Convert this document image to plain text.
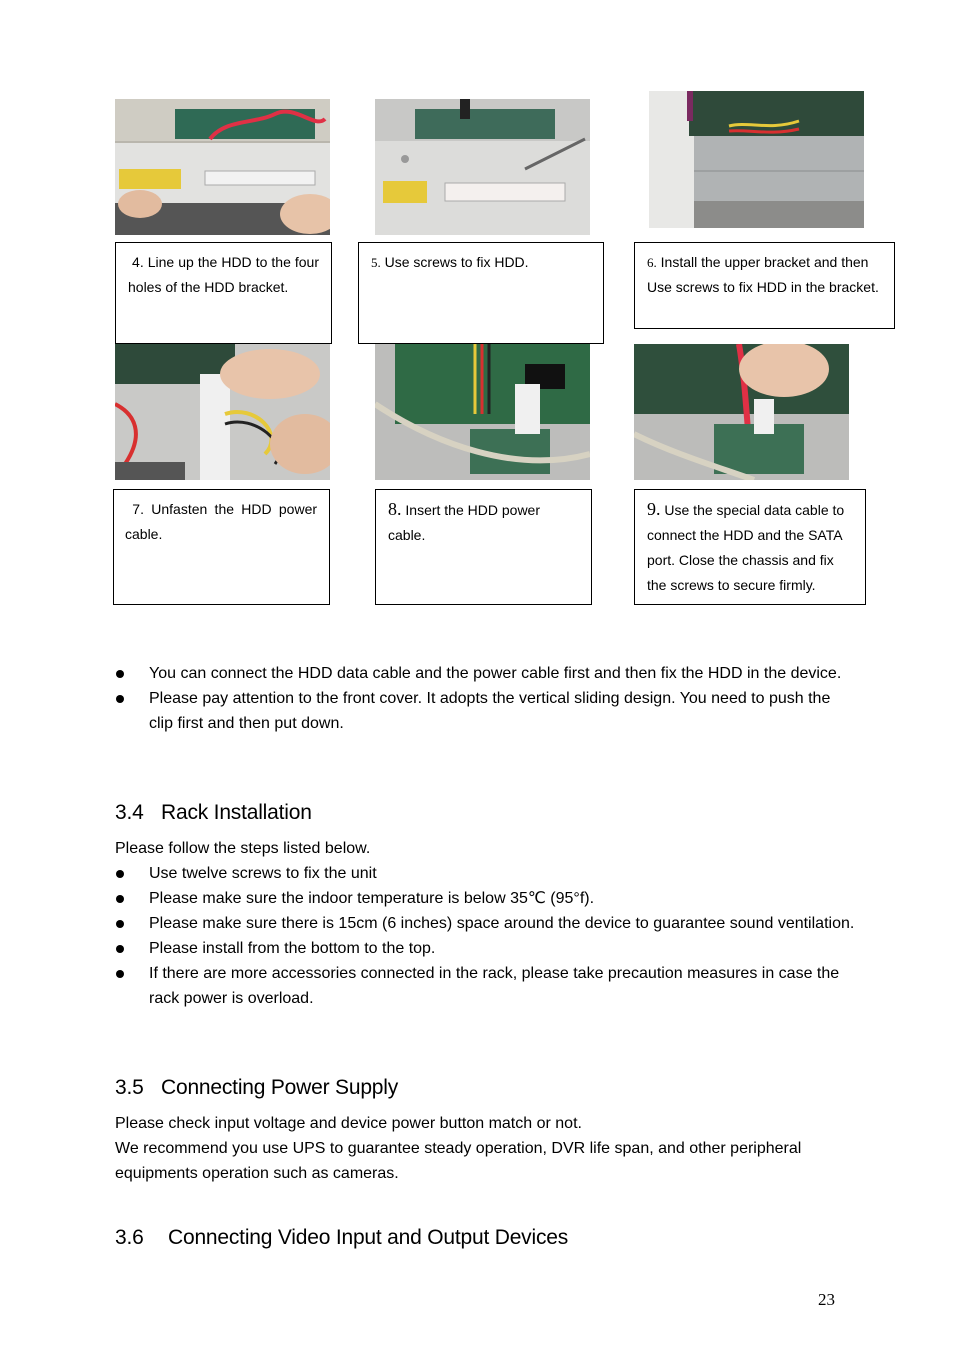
4. Line up the HDD to the four holes of the HDD bracket.
5. Use screws to fix HDD.	6. Install the upper bracket and then Use screws to fix HDD in the bracket.
7. Unfasten the HDD power cable.
8. Insert the HDD power cable.
9. Use the special data cable to connect the HDD and the SATA port. Close the chassis and fix the screws to secure firmly.
You can connect the HDD data cable and the power cable first and then fix the HDD in the device.
Please pay attention to the front cover. It adopts the vertical sliding design. You need to push the clip first and then put down.
3.4 Rack Installation

Please follow the steps listed below.

Use twelve screws to fix the unit
Please make sure the indoor temperature is below 35℃ (95°f).
Please make sure there is 15cm (6 inches) space around the device to guarantee sound ventilation.
Please install from the bottom to the top.
If there are more accessories connected in the rack, please take precaution measures in case the rack power is overload.
3.5 Connecting Power Supply

Please check input voltage and device power button match or not.

We recommend you use UPS to guarantee steady operation, DVR life span, and other peripheral equipments operation such as cameras.

3.6 Connecting Video Input and Output Devices
23
